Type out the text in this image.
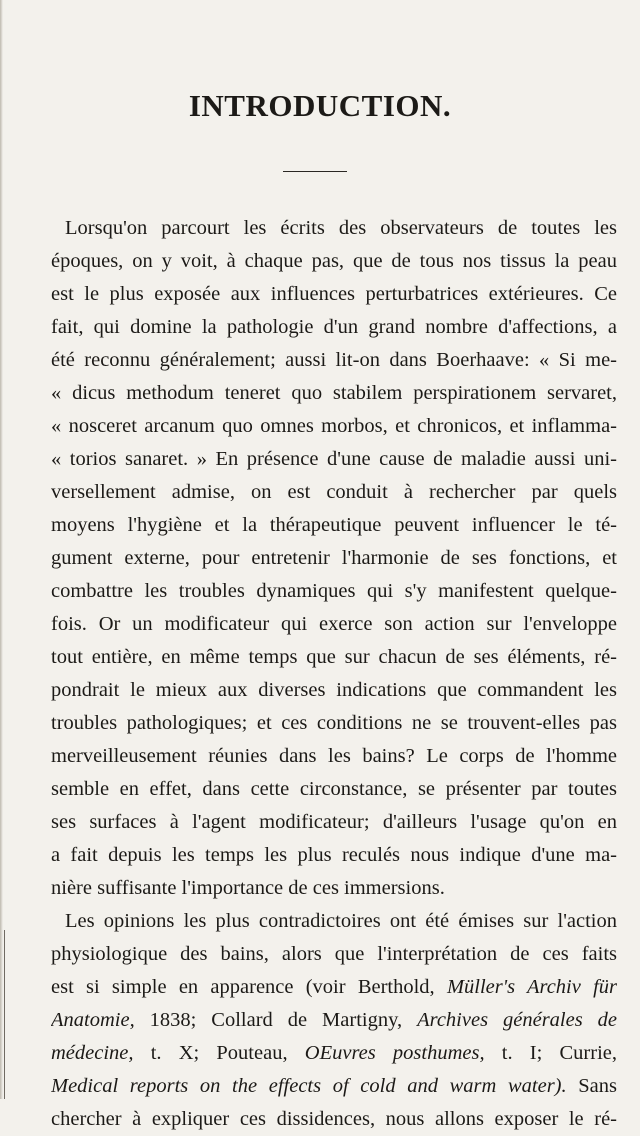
INTRODUCTION.
Lorsqu'on parcourt les écrits des observateurs de toutes les
époques, on y voit, à chaque pas, que de tous nos tissus la peau
est le plus exposée aux influences perturbatrices extérieures. Ce
fait, qui domine la pathologie d'un grand nombre d'affections, a
été reconnu généralement; aussi lit-on dans Boerhaave: « Si me-
« dicus methodum teneret quo stabilem perspirationem servaret,
« nosceret arcanum quo omnes morbos, et chronicos, et inflamma-
« torios sanaret. » En présence d'une cause de maladie aussi uni-
versellement admise, on est conduit à rechercher par quels
moyens l'hygiène et la thérapeutique peuvent influencer le té-
gument externe, pour entretenir l'harmonie de ses fonctions, et
combattre les troubles dynamiques qui s'y manifestent quelque-
fois. Or un modificateur qui exerce son action sur l'enveloppe
tout entière, en même temps que sur chacun de ses éléments, ré-
pondrait le mieux aux diverses indications que commandent les
troubles pathologiques; et ces conditions ne se trouvent-elles pas
merveilleusement réunies dans les bains? Le corps de l'homme
semble en effet, dans cette circonstance, se présenter par toutes
ses surfaces à l'agent modificateur; d'ailleurs l'usage qu'on en
a fait depuis les temps les plus reculés nous indique d'une ma-
nière suffisante l'importance de ces immersions.
Les opinions les plus contradictoires ont été émises sur l'action
physiologique des bains, alors que l'interprétation de ces faits
est si simple en apparence (voir Berthold, Müller's Archiv für
Anatomie, 1838; Collard de Martigny, Archives générales de
médecine, t. X; Pouteau, OEuvres posthumes, t. I; Currie,
Medical reports on the effects of cold and warm water). Sans
chercher à expliquer ces dissidences, nous allons exposer le ré-
